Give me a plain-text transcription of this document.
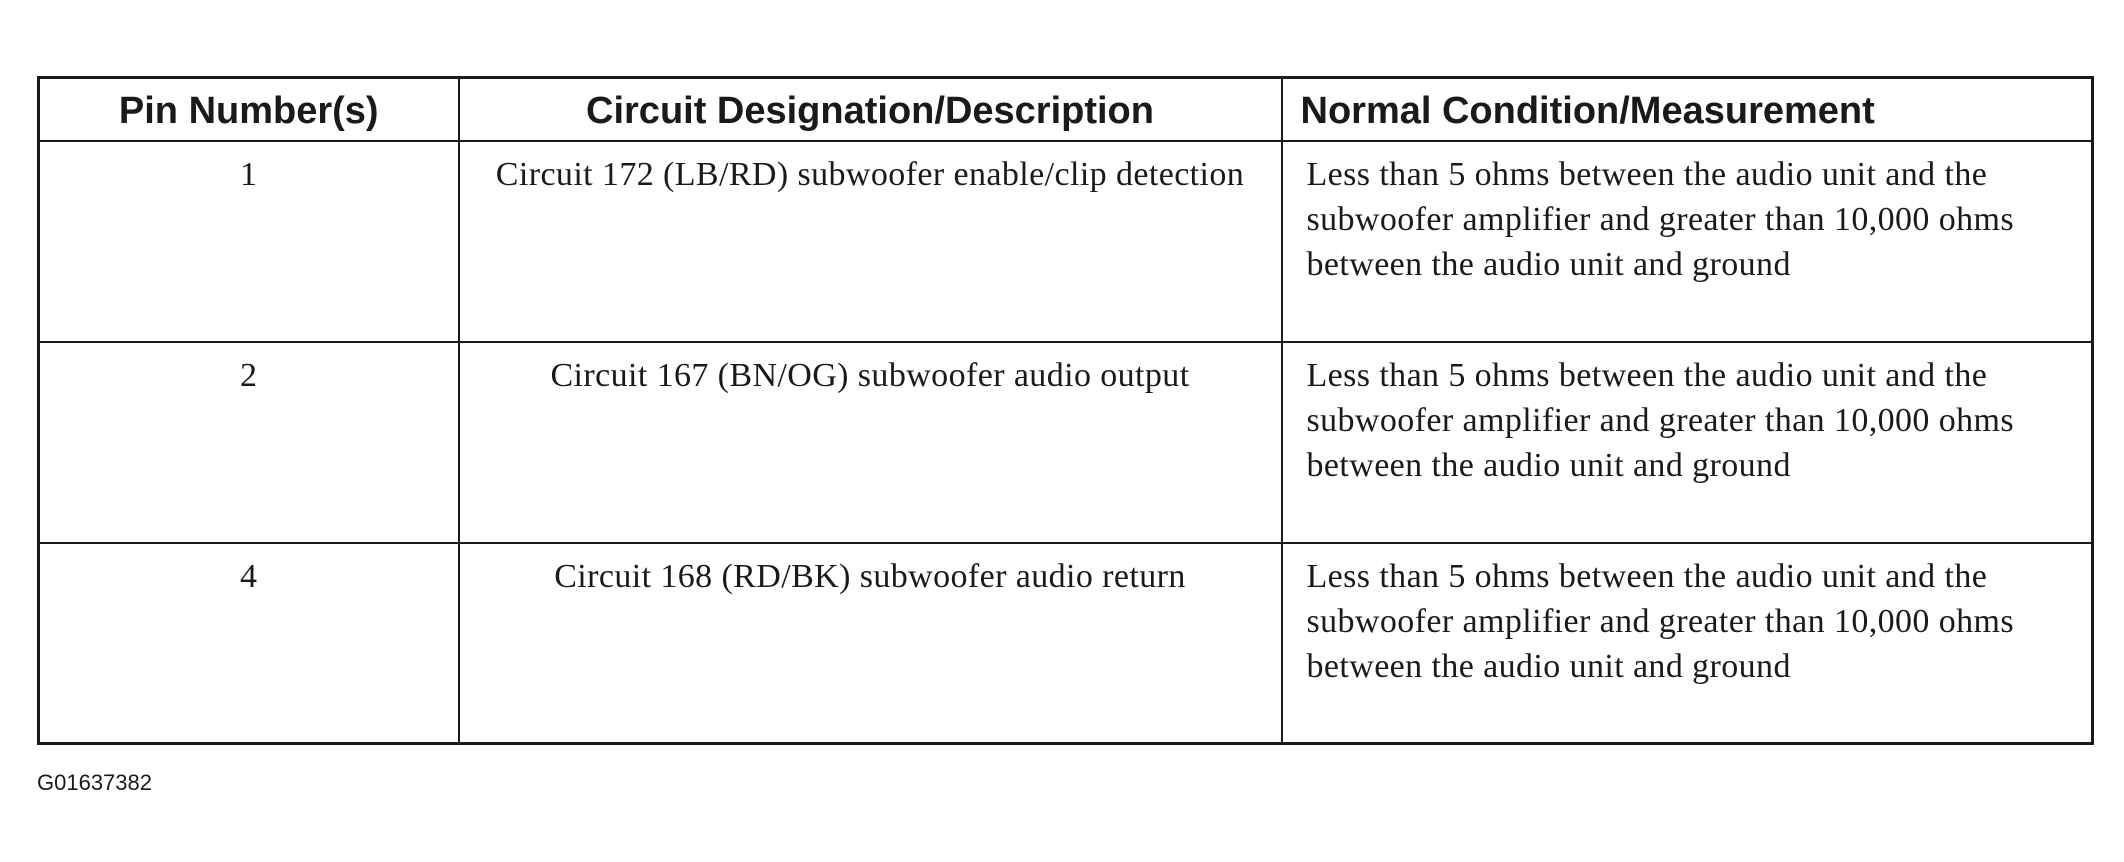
Pin Number(s)	Circuit Designation/Description	Normal Condition/Measurement
1	Circuit 172 (LB/RD) subwoofer enable/clip detection	Less than 5 ohms between the audio unit and the subwoofer amplifier and greater than 10,000 ohms between the audio unit and ground
2	Circuit 167 (BN/OG) subwoofer audio output	Less than 5 ohms between the audio unit and the subwoofer amplifier and greater than 10,000 ohms between the audio unit and ground
4	Circuit 168 (RD/BK) subwoofer audio return	Less than 5 ohms between the audio unit and the subwoofer amplifier and greater than 10,000 ohms between the audio unit and ground
G01637382
